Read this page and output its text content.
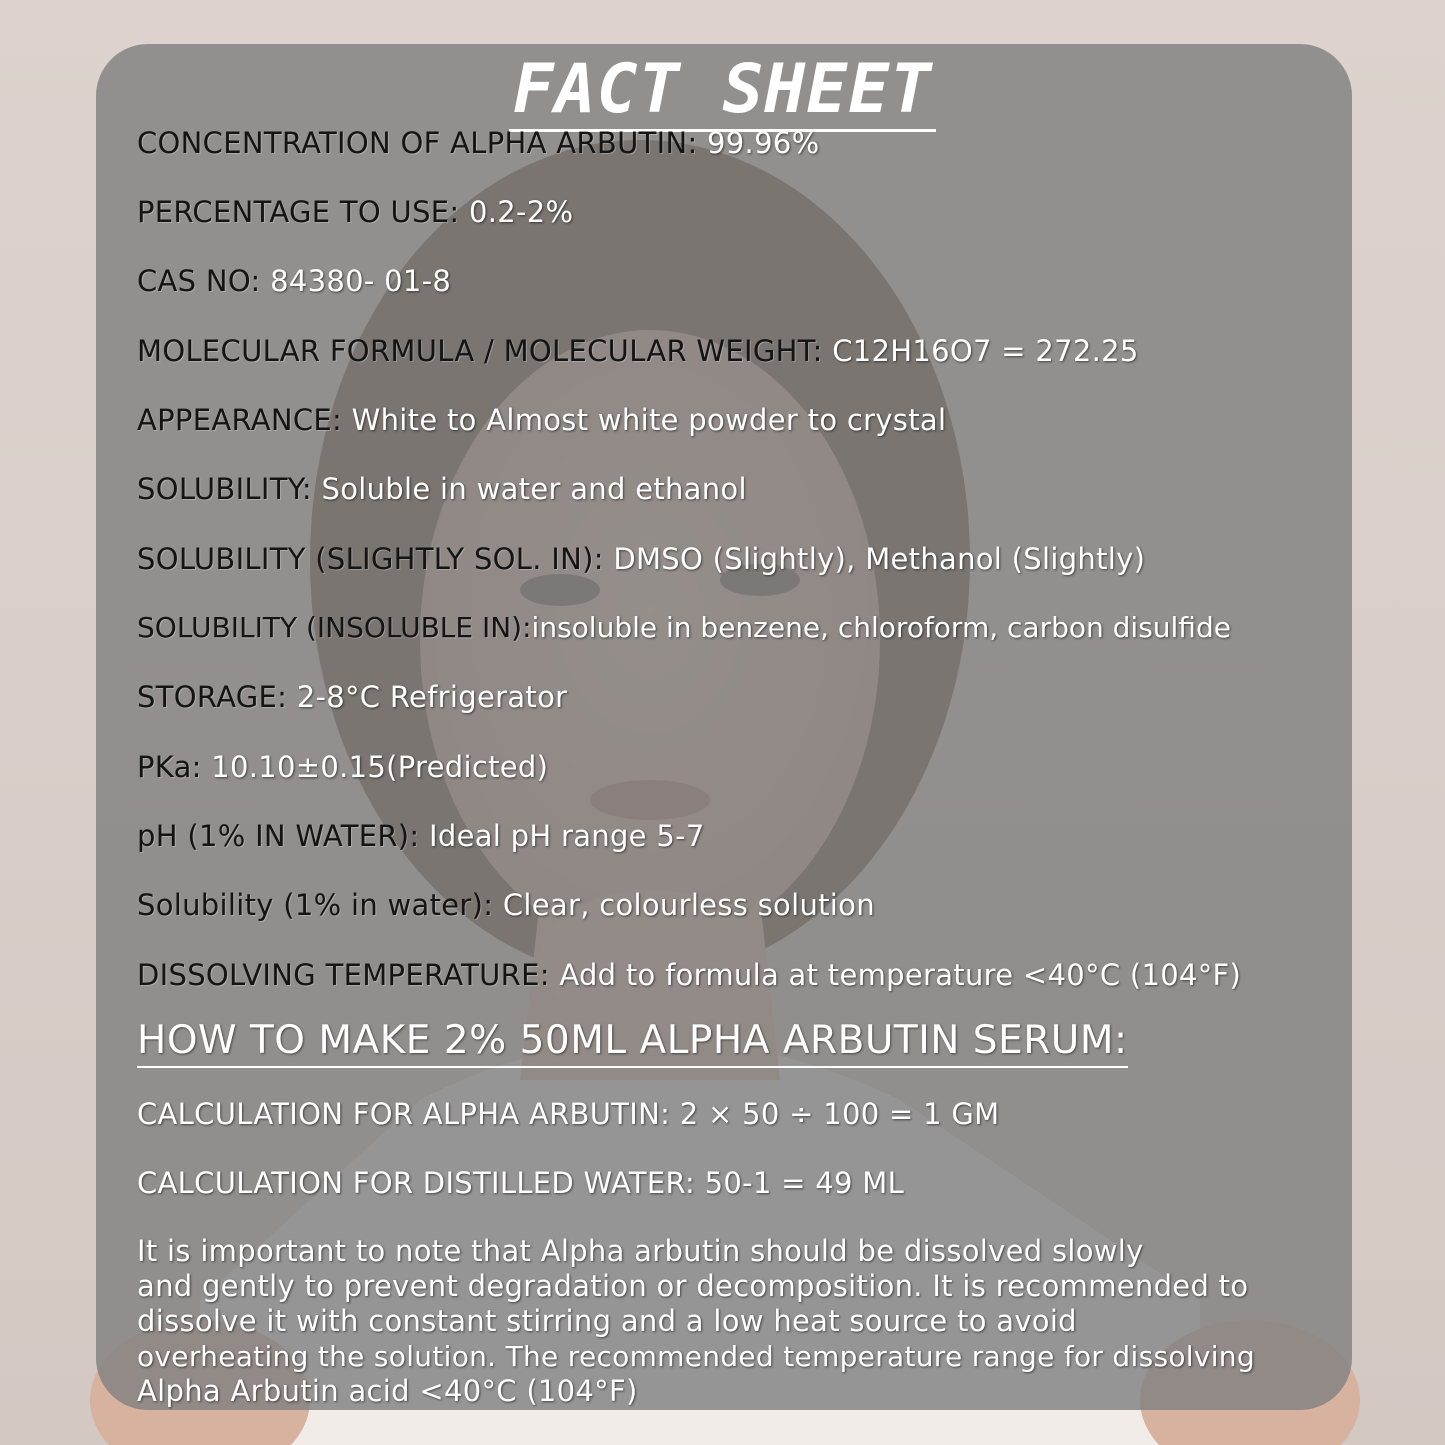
FACT SHEET
CONCENTRATION OF ALPHA ARBUTIN: 99.96%
PERCENTAGE TO USE: 0.2-2%
CAS NO: 84380- 01-8
MOLECULAR FORMULA / MOLECULAR WEIGHT: C12H16O7 = 272.25
APPEARANCE: White to Almost white powder to crystal
SOLUBILITY: Soluble in water and ethanol
SOLUBILITY (SLIGHTLY SOL. IN): DMSO (Slightly), Methanol (Slightly)
SOLUBILITY (INSOLUBLE IN):insoluble in benzene, chloroform, carbon disulfide
STORAGE: 2-8°C Refrigerator
PKa: 10.10±0.15(Predicted)
pH (1% IN WATER): Ideal pH range 5-7
Solubility (1% in water): Clear, colourless solution
DISSOLVING TEMPERATURE: Add to formula at temperature <40°C (104°F)
HOW TO MAKE 2% 50ML ALPHA ARBUTIN SERUM:
CALCULATION FOR ALPHA ARBUTIN: 2 × 50 ÷ 100 = 1 GM
CALCULATION FOR DISTILLED WATER: 50-1 = 49 ML
It is important to note that Alpha arbutin should be dissolved slowly
and gently to prevent degradation or decomposition. It is recommended to
dissolve it with constant stirring and a low heat source to avoid
overheating the solution. The recommended temperature range for dissolving
Alpha Arbutin acid <40°C (104°F)
